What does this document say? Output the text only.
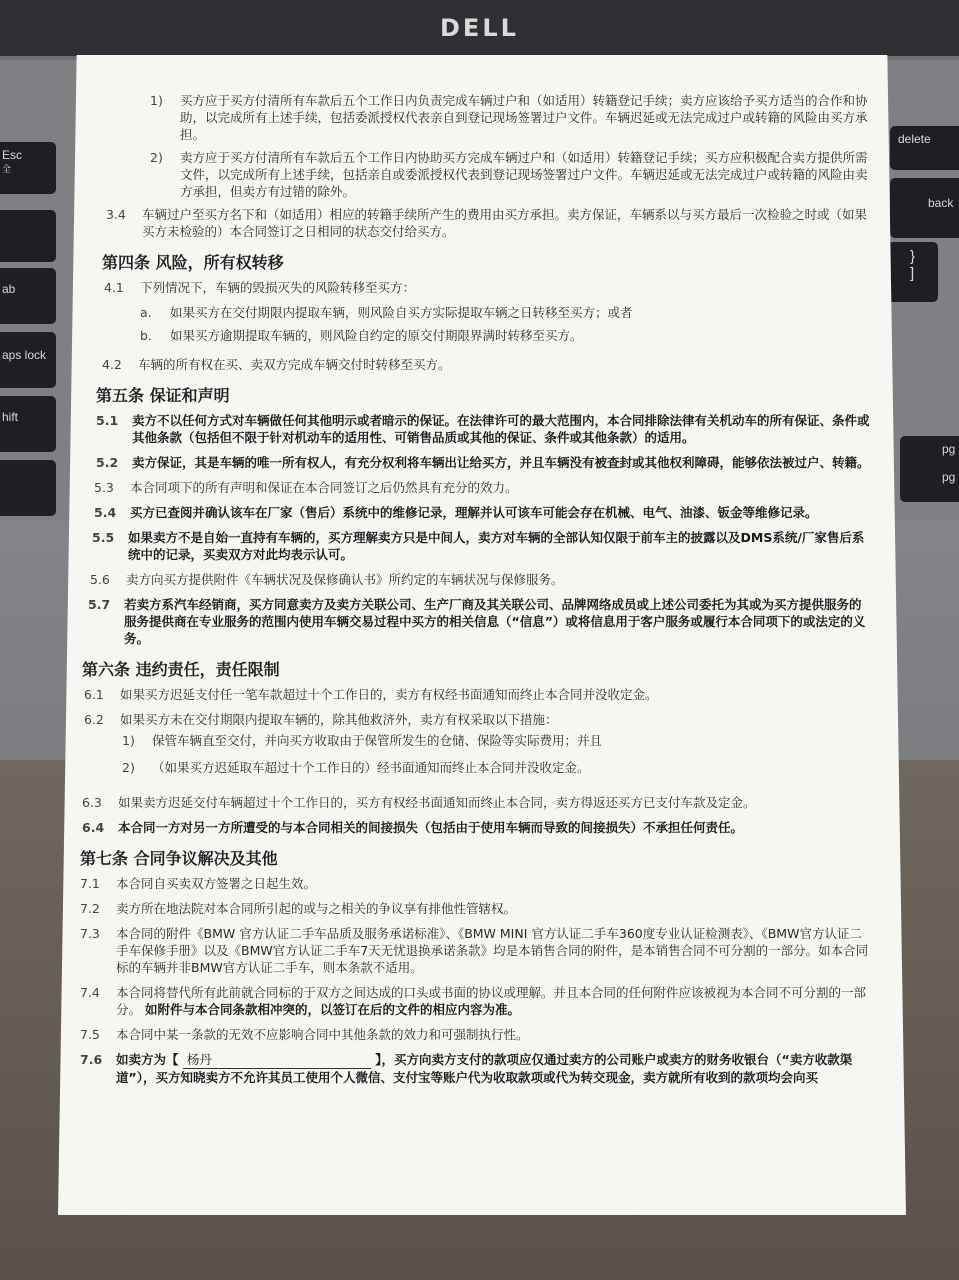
DELL
Esc
全
ab
aps lock
hift
delete
back
}
]
pg
pg
1)	买方应于买方付清所有车款后五个工作日内负责完成车辆过户和（如适用）转籍登记手续；卖方应该给予买方适当的合作和协助，以完成所有上述手续，包括委派授权代表亲自到登记现场签署过户文件。车辆迟延或无法完成过户或转籍的风险由买方承担。
2)	卖方应于买方付清所有车款后五个工作日内协助买方完成车辆过户和（如适用）转籍登记手续；买方应积极配合卖方提供所需文件，以完成所有上述手续，包括亲自或委派授权代表到登记现场签署过户文件。车辆迟延或无法完成过户或转籍的风险由卖方承担，但卖方有过错的除外。
3.4	车辆过户至买方名下和（如适用）相应的转籍手续所产生的费用由买方承担。卖方保证，车辆系以与买方最后一次检验之时或（如果买方未检验的）本合同签订之日相同的状态交付给买方。
第四条 风险，所有权转移
4.1	下列情况下，车辆的毁损灭失的风险转移至买方：
a.	如果买方在交付期限内提取车辆，则风险自买方实际提取车辆之日转移至买方；或者
b.	如果买方逾期提取车辆的，则风险自约定的原交付期限界满时转移至买方。
4.2	车辆的所有权在买、卖双方完成车辆交付时转移至买方。
第五条 保证和声明
5.1	卖方不以任何方式对车辆做任何其他明示或者暗示的保证。在法律许可的最大范围内，本合同排除法律有关机动车的所有保证、条件或其他条款（包括但不限于针对机动车的适用性、可销售品质或其他的保证、条件或其他条款）的适用。
5.2	卖方保证，其是车辆的唯一所有权人，有充分权利将车辆出让给买方，并且车辆没有被查封或其他权利障碍，能够依法被过户、转籍。
5.3	本合同项下的所有声明和保证在本合同签订之后仍然具有充分的效力。
5.4	买方已查阅并确认该车在厂家（售后）系统中的维修记录，理解并认可该车可能会存在机械、电气、油漆、钣金等维修记录。
5.5	如果卖方不是自始一直持有车辆的，买方理解卖方只是中间人，卖方对车辆的全部认知仅限于前车主的披露以及DMS系统/厂家售后系统中的记录，买卖双方对此均表示认可。
5.6	卖方向买方提供附件《车辆状况及保修确认书》所约定的车辆状况与保修服务。
5.7	若卖方系汽车经销商，买方同意卖方及卖方关联公司、生产厂商及其关联公司、品牌网络成员或上述公司委托为其或为买方提供服务的服务提供商在专业服务的范围内使用车辆交易过程中买方的相关信息（“信息”）或将信息用于客户服务或履行本合同项下的或法定的义务。
第六条 违约责任，责任限制
6.1	如果买方迟延支付任一笔车款超过十个工作日的，卖方有权经书面通知而终止本合同并没收定金。
6.2	如果买方未在交付期限内提取车辆的，除其他救济外，卖方有权采取以下措施：
1)	保管车辆直至交付，并向买方收取由于保管所发生的仓储、保险等实际费用；并且
2)	（如果买方迟延取车超过十个工作日的）经书面通知而终止本合同并没收定金。
6.3	如果卖方迟延交付车辆超过十个工作日的，买方有权经书面通知而终止本合同，卖方得返还买方已支付车款及定金。
6.4	本合同一方对另一方所遭受的与本合同相关的间接损失（包括由于使用车辆而导致的间接损失）不承担任何责任。
第七条 合同争议解决及其他
7.1	本合同自买卖双方签署之日起生效。
7.2	卖方所在地法院对本合同所引起的或与之相关的争议享有排他性管辖权。
7.3	本合同的附件《BMW 官方认证二手车品质及服务承诺标准》、《BMW MINI 官方认证二手车360度专业认证检测表》、《BMW官方认证二手车保修手册》以及《BMW官方认证二手车7天无忧退换承诺条款》均是本销售合同的附件，是本销售合同不可分割的一部分。如本合同标的车辆并非BMW官方认证二手车，则本条款不适用。
7.4	本合同将替代所有此前就合同标的于双方之间达成的口头或书面的协议或理解。并且本合同的任何附件应该被视为本合同不可分割的一部分。 如附件与本合同条款相冲突的，以签订在后的文件的相应内容为准。
7.5	本合同中某一条款的无效不应影响合同中其他条款的效力和可强制执行性。
7.6	如卖方为【 杨丹	】，买方向卖方支付的款项应仅通过卖方的公司账户或卖方的财务收银台（“卖方收款渠道”），买方知晓卖方不允许其员工使用个人微信、支付宝等账户代为收取款项或代为转交现金，卖方就所有收到的款项均会向买
